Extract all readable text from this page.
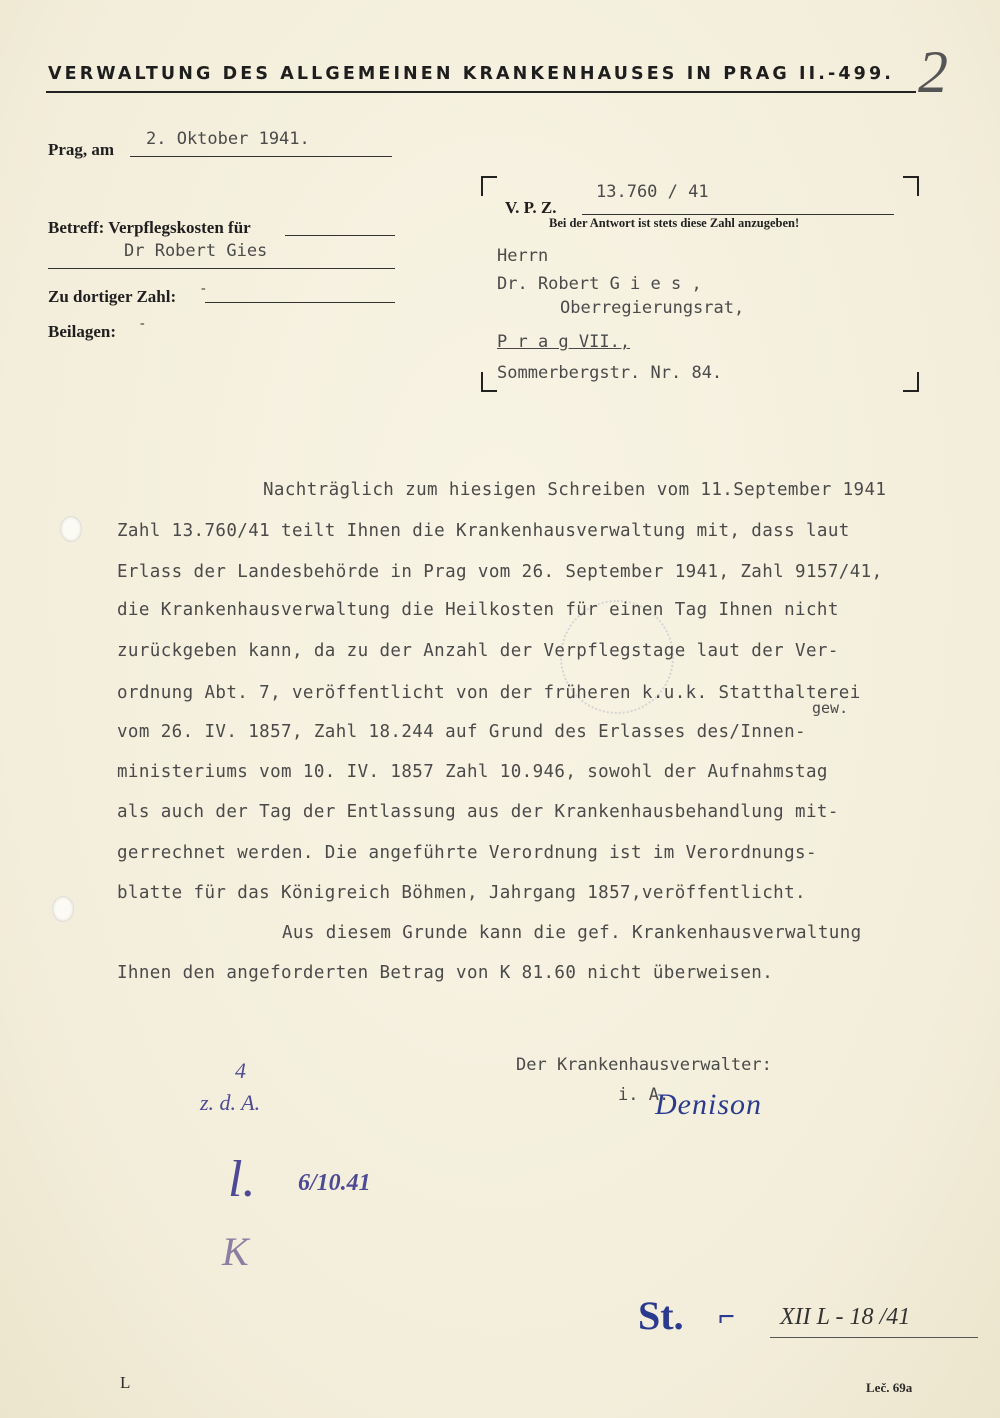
VERWALTUNG DES ALLGEMEINEN KRANKENHAUSES IN PRAG II.-499. 2
Prag, am
2. Oktober 1941.
Betreff: Verpflegskosten für
Dr Robert Gies
Zu dortiger Zahl: -
Beilagen: -
13.760 / 41
V. P. Z.
Bei der Antwort ist stets diese Zahl anzugeben!
Herrn
Dr. Robert G i e s ,
Oberregierungsrat,
P r a g VII.,
Sommerbergstr. Nr. 84.
Nachträglich zum hiesigen Schreiben vom 11.September 1941
Zahl 13.760/41 teilt Ihnen die Krankenhausverwaltung mit, dass laut
Erlass der Landesbehörde in Prag vom 26. September 1941, Zahl 9157/41,
die Krankenhausverwaltung die Heilkosten für einen Tag Ihnen nicht
zurückgeben kann, da zu der Anzahl der Verpflegstage laut der Ver-
ordnung Abt. 7, veröffentlicht von der früheren k.u.k. Statthalterei
gew.
vom 26. IV. 1857, Zahl 18.244 auf Grund des Erlasses des/Innen-
ministeriums vom 10. IV. 1857 Zahl 10.946, sowohl der Aufnahmstag
als auch der Tag der Entlassung aus der Krankenhausbehandlung mit-
gerrechnet werden. Die angeführte Verordnung ist im Verordnungs-
blatte für das Königreich Böhmen, Jahrgang 1857,veröffentlicht.
Aus diesem Grunde kann die gef. Krankenhausverwaltung
Ihnen den angeforderten Betrag von K 81.60 nicht überweisen.
Der Krankenhausverwalter:
i. A.
Denison
4
z. d. A.
l. 6/10.41
K
St. ⌐ XII L - 18 /41
L	Leč. 69a
